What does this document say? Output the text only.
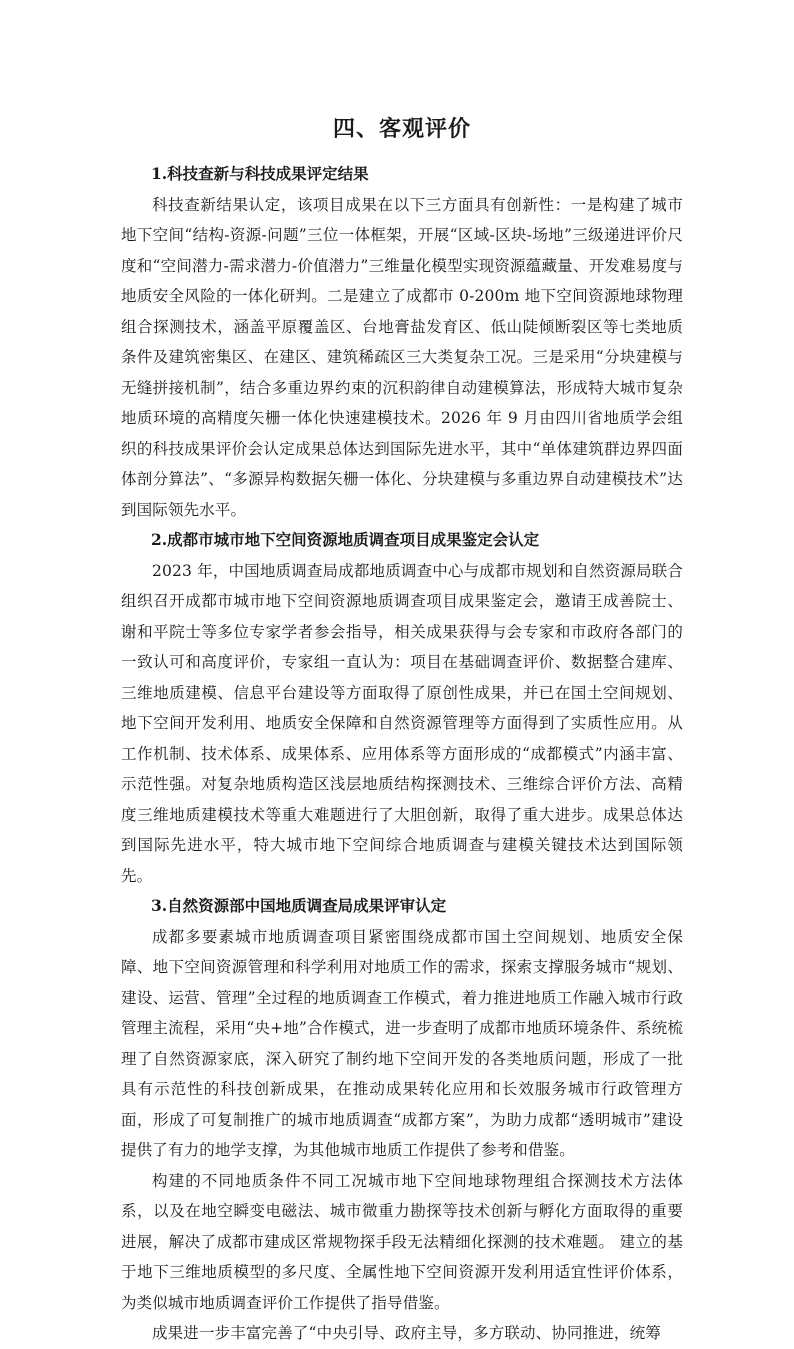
四、客观评价
1.科技查新与科技成果评定结果

科技查新结果认定，该项目成果在以下三方面具有创新性：一是构建了城市地下空间“结构-资源-问题”三位一体框架，开展“区域-区块-场地”三级递进评价尺度和“空间潜力-需求潜力-价值潜力”三维量化模型实现资源蕴藏量、开发难易度与地质安全风险的一体化研判。二是建立了成都市 0-200m 地下空间资源地球物理组合探测技术，涵盖平原覆盖区、台地膏盐发育区、低山陡倾断裂区等七类地质条件及建筑密集区、在建区、建筑稀疏区三大类复杂工况。三是采用“分块建模与无缝拼接机制”，结合多重边界约束的沉积韵律自动建模算法，形成特大城市复杂地质环境的高精度矢栅一体化快速建模技术。2026 年 9 月由四川省地质学会组织的科技成果评价会认定成果总体达到国际先进水平，其中“单体建筑群边界四面体剖分算法”、“多源异构数据矢栅一体化、分块建模与多重边界自动建模技术”达到国际领先水平。

2.成都市城市地下空间资源地质调查项目成果鉴定会认定

2023 年，中国地质调查局成都地质调查中心与成都市规划和自然资源局联合组织召开成都市城市地下空间资源地质调查项目成果鉴定会，邀请王成善院士、谢和平院士等多位专家学者参会指导，相关成果获得与会专家和市政府各部门的一致认可和高度评价，专家组一直认为：项目在基础调查评价、数据整合建库、三维地质建模、信息平台建设等方面取得了原创性成果，并已在国土空间规划、地下空间开发利用、地质安全保障和自然资源管理等方面得到了实质性应用。从工作机制、技术体系、成果体系、应用体系等方面形成的“成都模式”内涵丰富、示范性强。对复杂地质构造区浅层地质结构探测技术、三维综合评价方法、高精度三维地质建模技术等重大难题进行了大胆创新，取得了重大进步。成果总体达到国际先进水平，特大城市地下空间综合地质调查与建模关键技术达到国际领先。

3.自然资源部中国地质调查局成果评审认定

成都多要素城市地质调查项目紧密围绕成都市国土空间规划、地质安全保障、地下空间资源管理和科学利用对地质工作的需求，探索支撑服务城市“规划、建设、运营、管理”全过程的地质调查工作模式，着力推进地质工作融入城市行政管理主流程，采用“央+地”合作模式，进一步查明了成都市地质环境条件、系统梳理了自然资源家底，深入研究了制约地下空间开发的各类地质问题，形成了一批具有示范性的科技创新成果，在推动成果转化应用和长效服务城市行政管理方面，形成了可复制推广的城市地质调查“成都方案”，为助力成都“透明城市”建设提供了有力的地学支撑，为其他城市地质工作提供了参考和借鉴。

构建的不同地质条件不同工况城市地下空间地球物理组合探测技术方法体系，以及在地空瞬变电磁法、城市微重力勘探等技术创新与孵化方面取得的重要进展，解决了成都市建成区常规物探手段无法精细化探测的技术难题。 建立的基于地下三维地质模型的多尺度、全属性地下空间资源开发利用适宜性评价体系，为类似城市地质调查评价工作提供了指导借鉴。

成果进一步丰富完善了“中央引导、政府主导，多方联动、协同推进，统筹
